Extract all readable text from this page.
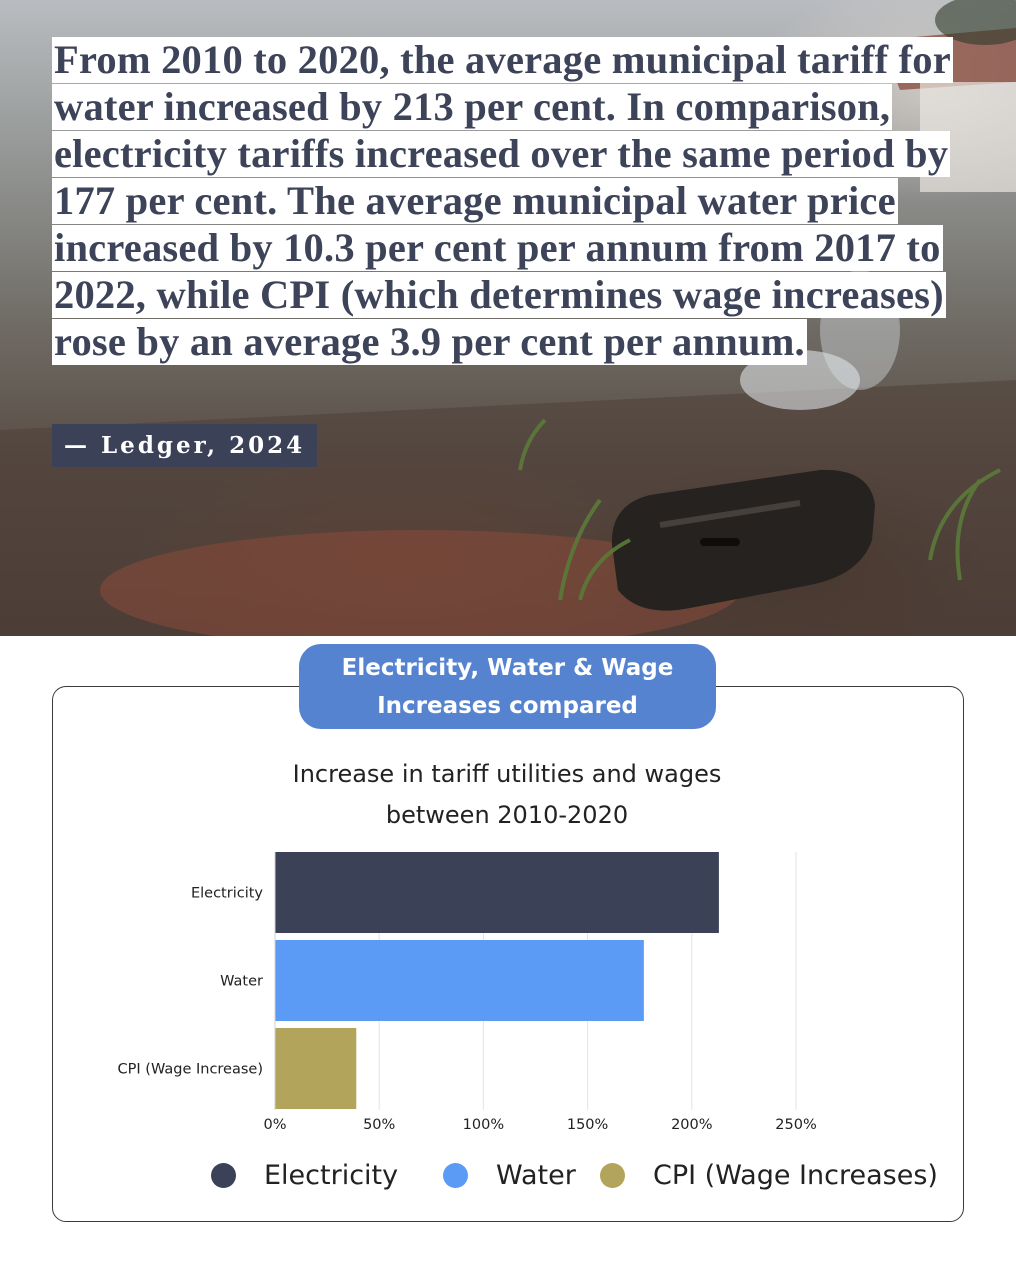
From 2010 to 2020, the average municipal tariff for water increased by 213 per cent. In comparison, electricity tariffs increased over the same period by 177 per cent. The average municipal water price increased by 10.3 per cent per annum from 2017 to 2022, while CPI (which determines wage increases) rose by an average 3.9 per cent per annum.
— Ledger, 2024
Electricity, Water & Wage
Increases compared
Increase in tariff utilities and wages
between 2010-2020
Electricity
Water
CPI (Wage Increase)
0%	50%	100%	150%	200%	250%
Electricity	Water	CPI (Wage Increases)
